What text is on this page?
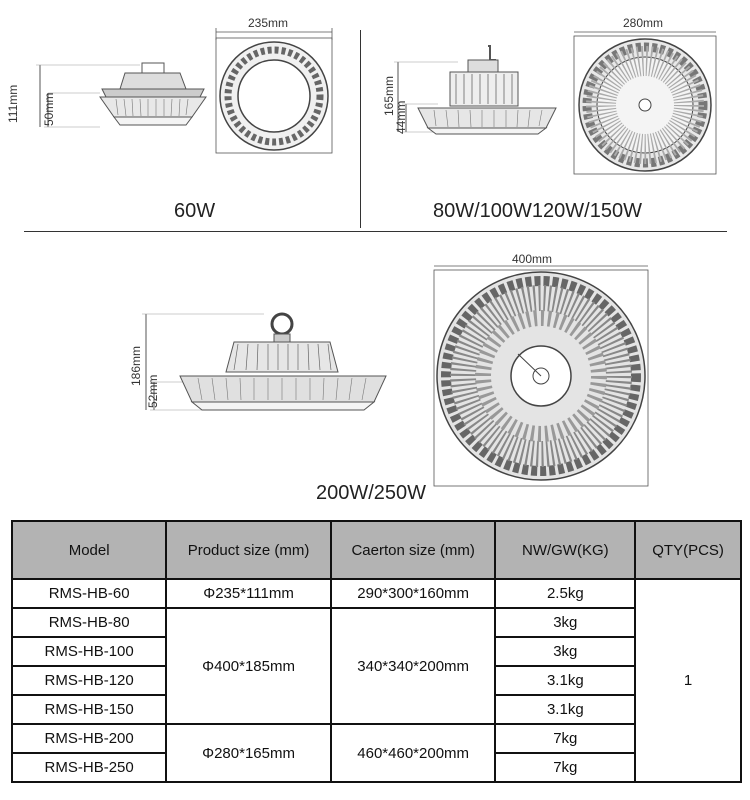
111mm 50mm
235mm
60W
165mm
44mm
280mm
80W/100W120W/150W
186mm
52mm
400mm
200W/250W
Model	Product size (mm)	Caerton size (mm)	NW/GW(KG)	QTY(PCS)
RMS-HB-60	Φ235*111mm	290*300*160mm	2.5kg	1
RMS-HB-80	Φ400*185mm	340*340*200mm	3kg	
RMS-HB-100			3kg	
RMS-HB-120			3.1kg	
RMS-HB-150			3.1kg	
RMS-HB-200	Φ280*165mm	460*460*200mm	7kg	
RMS-HB-250			7kg	
